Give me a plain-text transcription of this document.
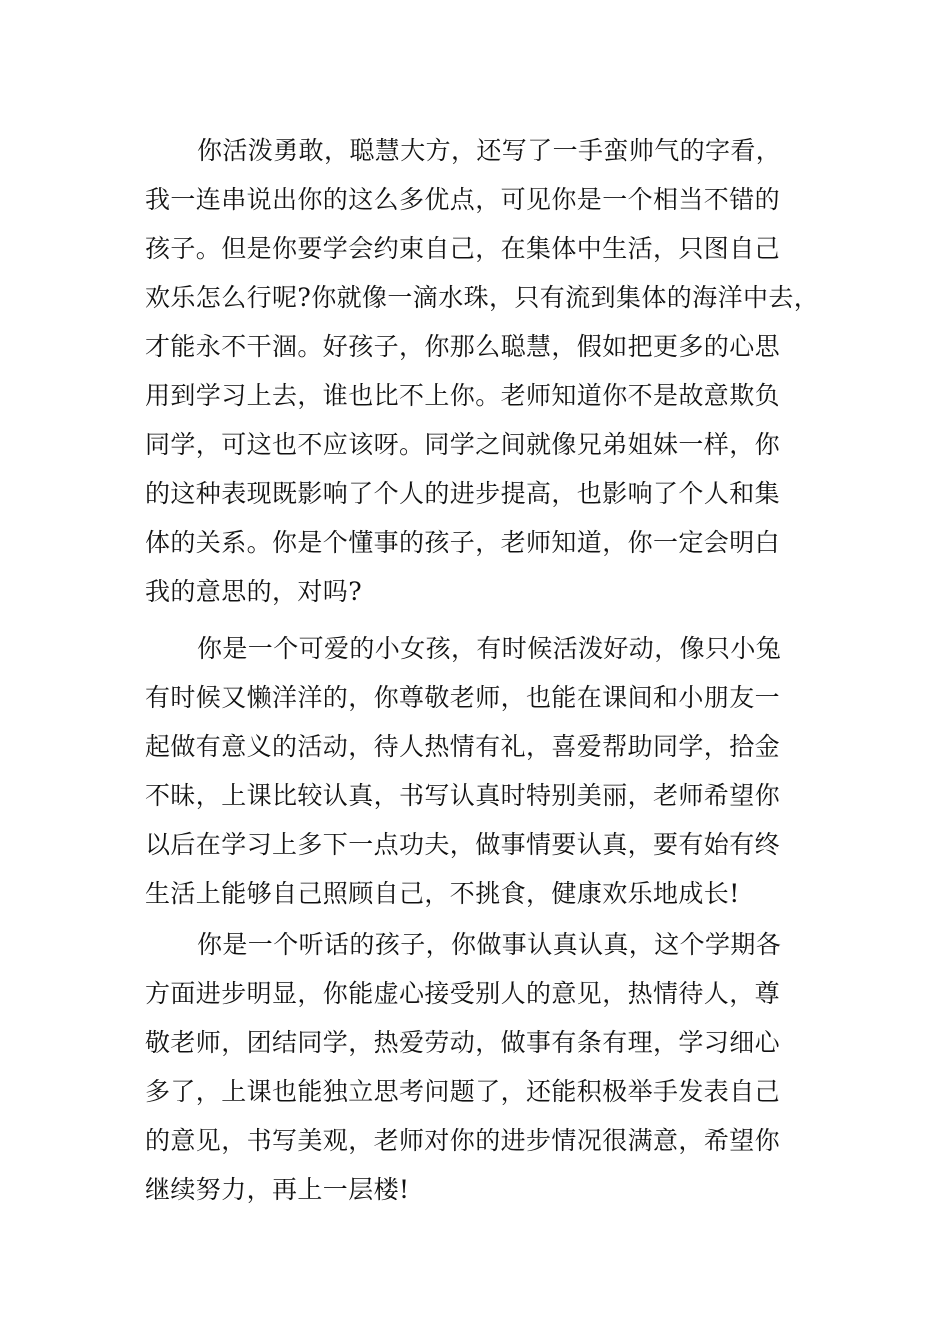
你活泼勇敢，聪慧大方，还写了一手蛮帅气的字看，
我一连串说出你的这么多优点，可见你是一个相当不错的
孩子。但是你要学会约束自己，在集体中生活，只图自己
欢乐怎么行呢?你就像一滴水珠，只有流到集体的海洋中去，
才能永不干涸。好孩子，你那么聪慧，假如把更多的心思
用到学习上去，谁也比不上你。老师知道你不是故意欺负
同学，可这也不应该呀。同学之间就像兄弟姐妹一样，你
的这种表现既影响了个人的进步提高，也影响了个人和集
体的关系。你是个懂事的孩子，老师知道，你一定会明白
我的意思的，对吗?
你是一个可爱的小女孩，有时候活泼好动，像只小兔
有时候又懒洋洋的，你尊敬老师，也能在课间和小朋友一
起做有意义的活动，待人热情有礼，喜爱帮助同学，拾金
不昧，上课比较认真，书写认真时特别美丽，老师希望你
以后在学习上多下一点功夫，做事情要认真，要有始有终
生活上能够自己照顾自己，不挑食，健康欢乐地成长!
你是一个听话的孩子，你做事认真认真，这个学期各
方面进步明显，你能虚心接受别人的意见，热情待人，尊
敬老师，团结同学，热爱劳动，做事有条有理，学习细心
多了，上课也能独立思考问题了，还能积极举手发表自己
的意见，书写美观，老师对你的进步情况很满意，希望你
继续努力，再上一层楼!
